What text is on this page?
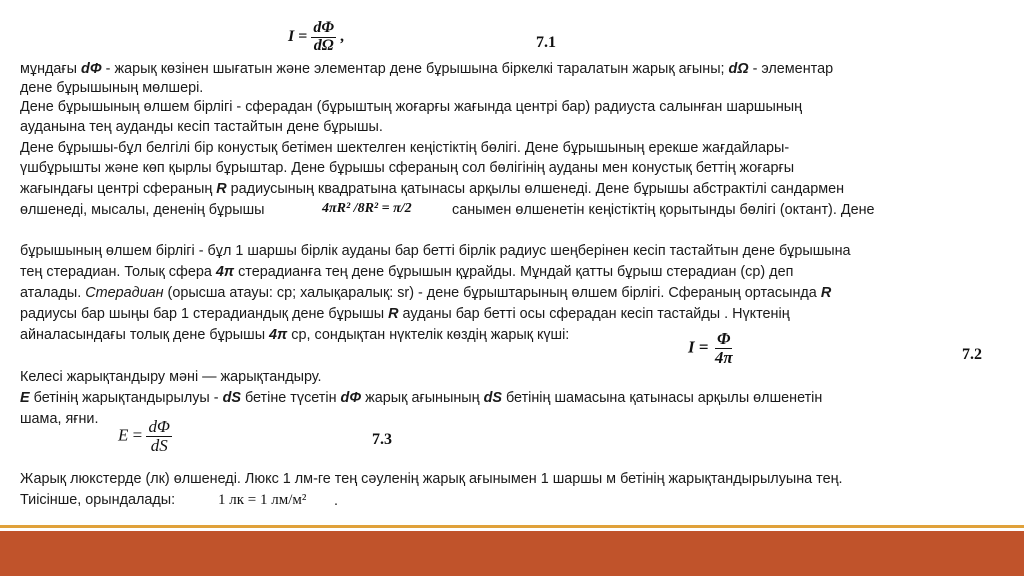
$I = \frac{d\Phi}{d\Omega}$ ,	7.1
мұндағы dΦ - жарық көзінен шығатын және элементар дене бұрышына біркелкі таралатын жарық ағыны; dΩ - элементар
дене бұрышының мөлшері.
Дене бұрышының өлшем бірлігі - сферадан (бұрыштың жоғарғы жағында центрі бар) радиуста салынған шаршының
ауданына тең ауданды кесіп тастайтын дене бұрышы.
Дене бұрышы-бұл белгілі бір конустық бетімен шектелген кеңістіктің бөлігі. Дене бұрышының ерекше жағдайлары-
үшбұрышты және көп қырлы бұрыштар. Дене бұрышы сфераның сол бөлігінің ауданы мен конустық беттің жоғарғы
жағындағы центрі сфераның R радиусының квадратына қатынасы арқылы өлшенеді. Дене бұрышы абстрактілі сандармен
өлшенеді, мысалы, дененің бұрышы	4πR² /8R² = π/2	санымен өлшенетін кеңістіктің қорытынды бөлігі (октант). Дене
бұрышының өлшем бірлігі - бұл 1 шаршы бірлік ауданы бар бетті бірлік радиус шеңберінен кесіп тастайтын дене бұрышына
тең стерадиан. Толық сфера 4π стерадианға тең дене бұрышын құрайды. Мұндай қатты бұрыш стерадиан (ср) деп
аталады. Стерадиан (орысша атауы: ср; халықаралық: sr) - дене бұрыштарының өлшем бірлігі. Сфераның ортасында R
радиусы бар шыңы бар 1 стерадиандық дене бұрышы R ауданы бар бетті осы сферадан кесіп тастайды . Нүктенің
айналасындағы толық дене бұрышы 4π ср, сондықтан нүктелік көздің жарық күші:
$I = \frac{\Phi}{4\pi}$	7.2
Келесі жарықтандыру мәні — жарықтандыру.
E бетінің жарықтандырылуы - dS бетіне түсетін dΦ жарық ағынының dS бетінің шамасына қатынасы арқылы өлшенетін
шама, яғни.
$E = \frac{d\Phi}{dS}$	7.3
Жарық люкстерде (лк) өлшенеді. Люкс 1 лм-ге тең сәуленің жарық ағынымен 1 шаршы м бетінің жарықтандырылуына тең.
Тиісінше, орындалады:	1 лк = 1 лм/м² .
